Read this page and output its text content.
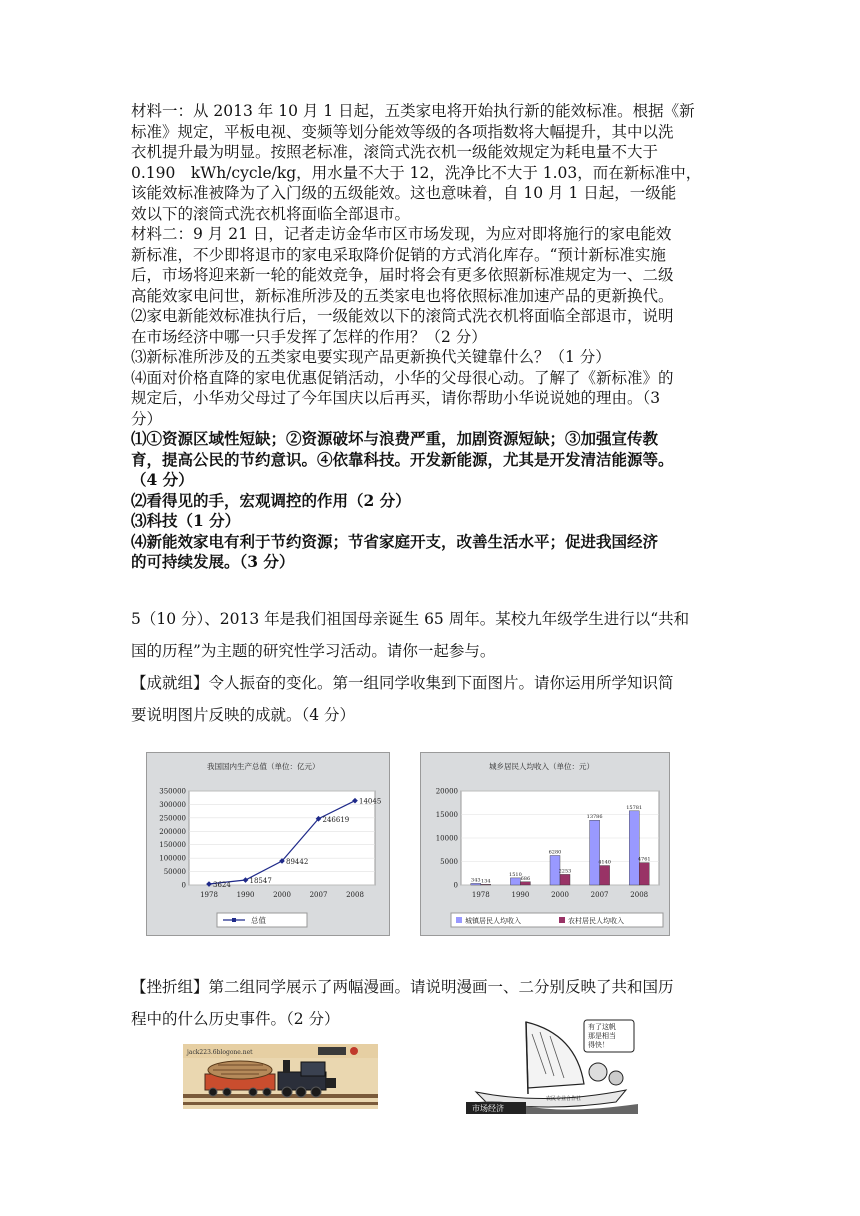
材料一：从 2013 年 10 月 1 日起，五类家电将开始执行新的能效标准。根据《新

标准》规定，平板电视、变频等划分能效等级的各项指数将大幅提升，其中以洗

衣机提升最为明显。按照老标准，滚筒式洗衣机一级能效规定为耗电量不大于

0.190　kWh/cycle/kg，用水量不大于 12，洗净比不大于 1.03，而在新标准中，

该能效标准被降为了入门级的五级能效。这也意味着，自 10 月 1 日起，一级能

效以下的滚筒式洗衣机将面临全部退市。

材料二：9 月 21 日，记者走访金华市区市场发现，为应对即将施行的家电能效

新标准，不少即将退市的家电采取降价促销的方式消化库存。“预计新标准实施

后，市场将迎来新一轮的能效竞争，届时将会有更多依照新标准规定为一、二级

高能效家电问世，新标准所涉及的五类家电也将依照标准加速产品的更新换代。

⑵家电新能效标准执行后，一级能效以下的滚筒式洗衣机将面临全部退市，说明

在市场经济中哪一只手发挥了怎样的作用？（2 分）

⑶新标准所涉及的五类家电要实现产品更新换代关键靠什么？（1 分）

⑷面对价格直降的家电优惠促销活动，小华的父母很心动。了解了《新标准》的

规定后，小华劝父母过了今年国庆以后再买，请你帮助小华说说她的理由。（3

分）

⑴①资源区域性短缺；②资源破坏与浪费严重，加剧资源短缺；③加强宣传教

育，提高公民的节约意识。④依靠科技。开发新能源，尤其是开发清洁能源等。

（4 分）

⑵看得见的手，宏观调控的作用（2 分）

⑶科技（1 分）

⑷新能效家电有利于节约资源；节省家庭开支，改善生活水平；促进我国经济

的可持续发展。（3 分）

5（10 分）、2013 年是我们祖国母亲诞生 65 周年。某校九年级学生进行以“共和

国的历程”为主题的研究性学习活动。请你一起参与。

【成就组】令人振奋的变化。第一组同学收集到下面图片。请你运用所学知识简

要说明图片反映的成就。（4 分）

我国国内生产总值（单位：亿元）
0
50000
100000
150000
200000
250000
300000
350000
1978	1990	2000	2007	2008
3624
18547
89442
246619
14045
总值
城乡居民人均收入（单位：元）
0
5000
10000
15000
20000
1978
343 134
1990
1510
686
2000
6280
2253
2007
13786
4140
2008
15781
4761
城镇居民人均收入	农村居民人均收入

【挫折组】第二组同学展示了两幅漫画。请说明漫画一、二分别反映了共和国历

程中的什么历史事件。（2 分）

jack223.6blogone.net
有了这帆
那是相当
得快！
农民专业合作社
市场经济
